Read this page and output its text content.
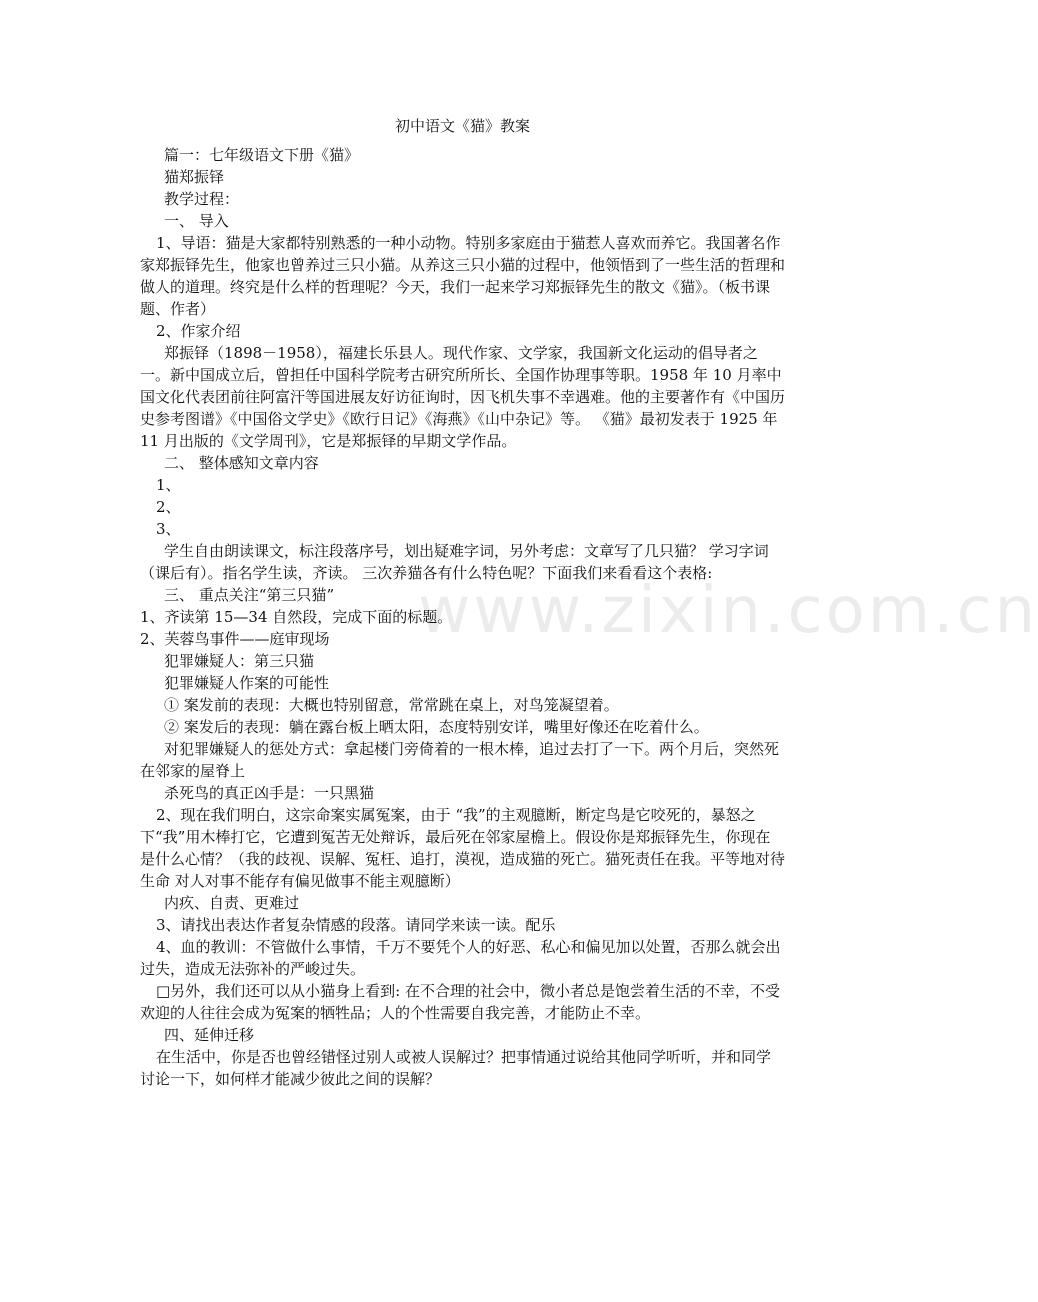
www.zixin.com.cn
初中语文《猫》教案

篇一：七年级语文下册《猫》

猫郑振铎

教学过程：

一、 导入

1、导语：猫是大家都特别熟悉的一种小动物。特别多家庭由于猫惹人喜欢而养它。我国著名作家郑振铎先生，他家也曾养过三只小猫。从养这三只小猫的过程中，他领悟到了一些生活的哲理和做人的道理。终究是什么样的哲理呢？今天，我们一起来学习郑振铎先生的散文《猫》。（板书课题、作者）

2、作家介绍

郑振铎（1898－1958），福建长乐县人。现代作家、文学家，我国新文化运动的倡导者之一。新中国成立后，曾担任中国科学院考古研究所所长、全国作协理事等职。1958 年 10 月率中国文化代表团前往阿富汗等国进展友好访征询时，因飞机失事不幸遇难。他的主要著作有《中国历史参考图谱》《中国俗文学史》《欧行日记》《海燕》《山中杂记》等。 《猫》最初发表于 1925 年 11 月出版的《文学周刊》，它是郑振铎的早期文学作品。

二、 整体感知文章内容

1、

2、

3、

学生自由朗读课文，标注段落序号，划出疑难字词，另外考虑：文章写了几只猫？ 学习字词（课后有）。指名学生读，齐读。 三次养猫各有什么特色呢？下面我们来看看这个表格:

三、 重点关注“第三只猫”

1、齐读第 15—34 自然段，完成下面的标题。

2、芙蓉鸟事件——庭审现场

犯罪嫌疑人：第三只猫

犯罪嫌疑人作案的可能性

① 案发前的表现：大概也特别留意，常常跳在桌上，对鸟笼凝望着。

② 案发后的表现：躺在露台板上晒太阳，态度特别安详，嘴里好像还在吃着什么。

对犯罪嫌疑人的惩处方式：拿起楼门旁倚着的一根木棒，追过去打了一下。两个月后，突然死在邻家的屋脊上

杀死鸟的真正凶手是：一只黑猫

2、现在我们明白，这宗命案实属冤案，由于 “我”的主观臆断，断定鸟是它咬死的，暴怒之下“我”用木棒打它，它遭到冤苦无处辩诉，最后死在邻家屋檐上。假设你是郑振铎先生，你现在是什么心情？（我的歧视、误解、冤枉、追打，漠视，造成猫的死亡。猫死责任在我。平等地对待生命 对人对事不能存有偏见做事不能主观臆断）

内疚、自责、更难过

3、请找出表达作者复杂情感的段落。请同学来读一读。配乐

4、血的教训：不管做什么事情，千万不要凭个人的好恶、私心和偏见加以处置，否那么就会出过失，造成无法弥补的严峻过失。

□另外，我们还可以从小猫身上看到: 在不合理的社会中，微小者总是饱尝着生活的不幸，不受欢迎的人往往会成为冤案的牺牲品；人的个性需要自我完善，才能防止不幸。

四、延伸迁移

在生活中，你是否也曾经错怪过别人或被人误解过？把事情通过说给其他同学听听，并和同学讨论一下，如何样才能减少彼此之间的误解？
